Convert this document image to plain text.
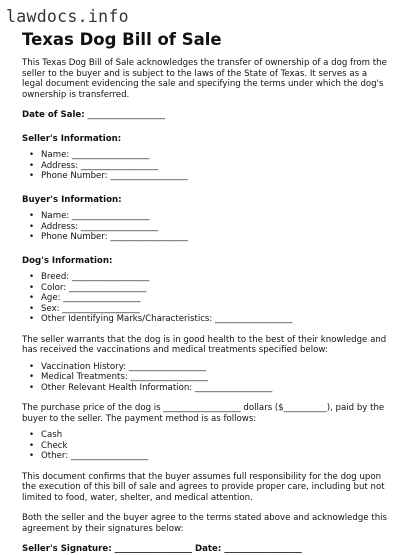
lawdocs.info
Texas Dog Bill of Sale

This Texas Dog Bill of Sale acknowledges the transfer of ownership of a dog from the seller to the buyer and is subject to the laws of the State of Texas. It serves as a legal document evidencing the sale and specifying the terms under which the dog's ownership is transferred.

Date of Sale: __________________

Seller's Information:
• Name: __________________
• Address: __________________
• Phone Number: __________________
Buyer's Information:
• Name: __________________
• Address: __________________
• Phone Number: __________________
Dog's Information:
• Breed: __________________
• Color: __________________
• Age: __________________
• Sex: __________________
• Other Identifying Marks/Characteristics: __________________

The seller warrants that the dog is in good health to the best of their knowledge and has received the vaccinations and medical treatments specified below:

• Vaccination History: __________________
• Medical Treatments: __________________
• Other Relevant Health Information: __________________

The purchase price of the dog is __________________ dollars ($__________), paid by the buyer to the seller. The payment method is as follows:

• Cash
• Check
• Other: __________________

This document confirms that the buyer assumes full responsibility for the dog upon the execution of this bill of sale and agrees to provide proper care, including but not limited to food, water, shelter, and medical attention.

Both the seller and the buyer agree to the terms stated above and acknowledge this agreement by their signatures below:

Seller's Signature: __________________ Date: __________________
